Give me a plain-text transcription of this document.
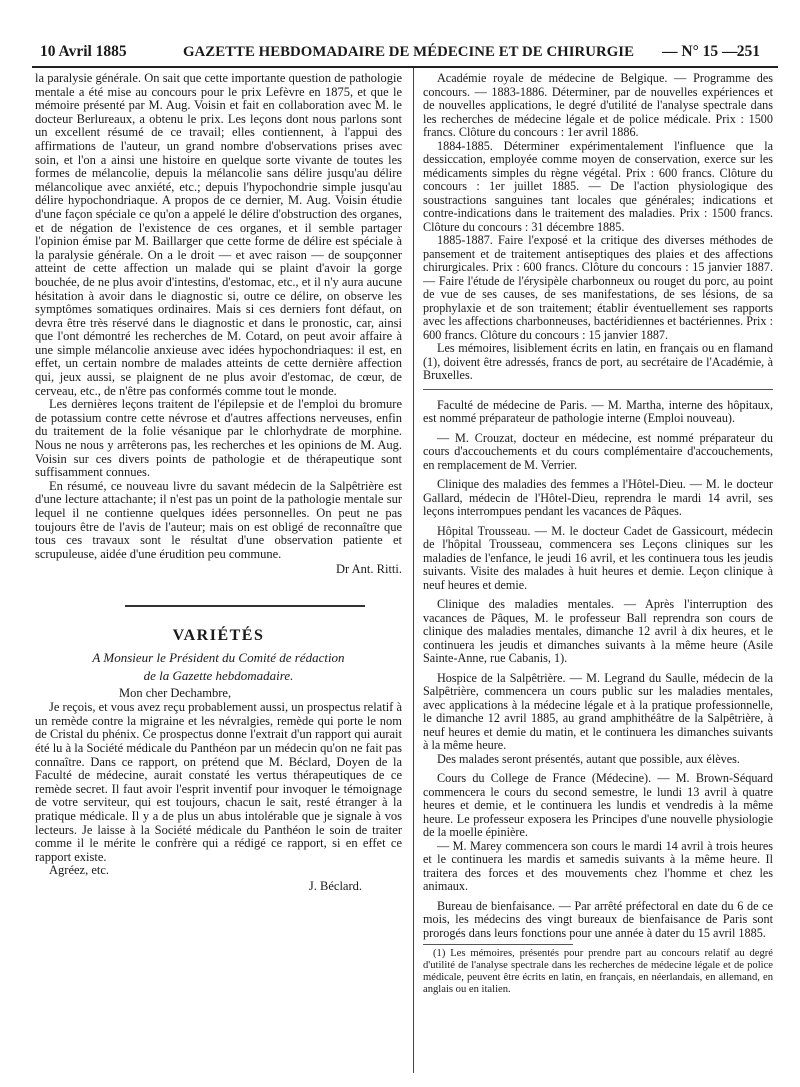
10 Avril 1885	GAZETTE HEBDOMADAIRE DE MÉDECINE ET DE CHIRURGIE — N° 15 — 251

la paralysie générale. On sait que cette importante question de pathologie mentale a été mise au concours pour le prix Lefèvre en 1875, et que le mémoire présenté par M. Aug. Voisin et fait en collaboration avec M. le docteur Berlureaux, a obtenu le prix. Les leçons dont nous parlons sont un excellent résumé de ce travail; elles contiennent, à l'appui des affirmations de l'auteur, un grand nombre d'observations prises avec soin, et l'on a ainsi une histoire en quelque sorte vivante de toutes les formes de mélancolie, depuis la mélancolie sans délire jusqu'au délire mélancolique avec anxiété, etc.; depuis l'hypochondrie simple jusqu'au délire hypochondriaque. A propos de ce dernier, M. Aug. Voisin étudie d'une façon spéciale ce qu'on a appelé le délire d'obstruction des organes, et de négation de l'existence de ces organes, et il semble partager l'opinion émise par M. Baillarger que cette forme de délire est spéciale à la paralysie générale. On a le droit — et avec raison — de soupçonner atteint de cette affection un malade qui se plaint d'avoir la gorge bouchée, de ne plus avoir d'intestins, d'estomac, etc., et il n'y aura aucune hésitation à avoir dans le diagnostic si, outre ce délire, on observe les symptômes somatiques ordinaires. Mais si ces derniers font défaut, on devra être très réservé dans le diagnostic et dans le pronostic, car, ainsi que l'ont démontré les recherches de M. Cotard, on peut avoir affaire à une simple mélancolie anxieuse avec idées hypochondriaques: il est, en effet, un certain nombre de malades atteints de cette dernière affection qui, jeux aussi, se plaignent de ne plus avoir d'estomac, de cœur, de cerveau, etc., de n'être pas conformés comme tout le monde.

Les dernières leçons traitent de l'épilepsie et de l'emploi du bromure de potassium contre cette névrose et d'autres affections nerveuses, enfin du traitement de la folie vésanique par le chlorhydrate de morphine. Nous ne nous y arrêterons pas, les recherches et les opinions de M. Aug. Voisin sur ces divers points de pathologie et de thérapeutique sont suffisamment connues.

En résumé, ce nouveau livre du savant médecin de la Salpêtrière est d'une lecture attachante; il n'est pas un point de la pathologie mentale sur lequel il ne contienne quelques idées personnelles. On peut ne pas toujours être de l'avis de l'auteur; mais on est obligé de reconnaître que tous ces travaux sont le résultat d'une observation patiente et scrupuleuse, aidée d'une érudition peu commune.

Dr Ant. Ritti.
VARIÉTÉS
A Monsieur le Président du Comité de rédaction
de la Gazette hebdomadaire.

Mon cher Dechambre,

Je reçois, et vous avez reçu probablement aussi, un prospectus relatif à un remède contre la migraine et les névralgies, remède qui porte le nom de Cristal du phénix. Ce prospectus donne l'extrait d'un rapport qui aurait été lu à la Société médicale du Panthéon par un médecin qu'on ne fait pas connaître. Dans ce rapport, on prétend que M. Béclard, Doyen de la Faculté de médecine, aurait constaté les vertus thérapeutiques de ce remède secret. Il faut avoir l'esprit inventif pour invoquer le témoignage de votre serviteur, qui est toujours, chacun le sait, resté étranger à la pratique médicale. Il y a de plus un abus intolérable que je signale à vos lecteurs. Je laisse à la Société médicale du Panthéon le soin de traiter comme il le mérite le confrère qui a rédigé ce rapport, si en effet ce rapport existe.

Agréez, etc.

J. Béclard.

Académie royale de médecine de Belgique. — Programme des concours. — 1883-1886. Déterminer, par de nouvelles expériences et de nouvelles applications, le degré d'utilité de l'analyse spectrale dans les recherches de médecine légale et de police médicale. Prix : 1500 francs. Clôture du concours : 1er avril 1886.

1884-1885. Déterminer expérimentalement l'influence que la dessiccation, employée comme moyen de conservation, exerce sur les médicaments simples du règne végétal. Prix : 600 francs. Clôture du concours : 1er juillet 1885. — De l'action physiologique des soustractions sanguines tant locales que générales; indications et contre-indications dans le traitement des maladies. Prix : 1500 francs. Clôture du concours : 31 décembre 1885.

1885-1887. Faire l'exposé et la critique des diverses méthodes de pansement et de traitement antiseptiques des plaies et des affections chirurgicales. Prix : 600 francs. Clôture du concours : 15 janvier 1887. — Faire l'étude de l'érysipèle charbonneux ou rouget du porc, au point de vue de ses causes, de ses manifestations, de ses lésions, de sa prophylaxie et de son traitement; établir éventuellement ses rapports avec les affections charbonneuses, bactéridiennes et bactériennes. Prix : 600 francs. Clôture du concours : 15 janvier 1887.

Les mémoires, lisiblement écrits en latin, en français ou en flamand (1), doivent être adressés, francs de port, au secrétaire de l'Académie, à Bruxelles.

Faculté de médecine de Paris. — M. Martha, interne des hôpitaux, est nommé préparateur de pathologie interne (Emploi nouveau).

— M. Crouzat, docteur en médecine, est nommé préparateur du cours d'accouchements et du cours complémentaire d'accouchements, en remplacement de M. Verrier.

Clinique des maladies des femmes a l'Hôtel-Dieu. — M. le docteur Gallard, médecin de l'Hôtel-Dieu, reprendra le mardi 14 avril, ses leçons interrompues pendant les vacances de Pâques.

Hôpital Trousseau. — M. le docteur Cadet de Gassicourt, médecin de l'hôpital Trousseau, commencera ses Leçons cliniques sur les maladies de l'enfance, le jeudi 16 avril, et les continuera tous les jeudis suivants. Visite des malades à huit heures et demie. Leçon clinique à neuf heures et demie.

Clinique des maladies mentales. — Après l'interruption des vacances de Pâques, M. le professeur Ball reprendra son cours de clinique des maladies mentales, dimanche 12 avril à dix heures, et le continuera les jeudis et dimanches suivants à la même heure (Asile Sainte-Anne, rue Cabanis, 1).

Hospice de la Salpêtrière. — M. Legrand du Saulle, médecin de la Salpêtrière, commencera un cours public sur les maladies mentales, avec applications à la médecine légale et à la pratique professionnelle, le dimanche 12 avril 1885, au grand amphithéâtre de la Salpêtrière, à neuf heures et demie du matin, et le continuera les dimanches suivants à la même heure.

Des malades seront présentés, autant que possible, aux élèves.

Cours du College de France (Médecine). — M. Brown-Séquard commencera le cours du second semestre, le lundi 13 avril à quatre heures et demie, et le continuera les lundis et vendredis à la même heure. Le professeur exposera les Principes d'une nouvelle physiologie de la moelle épinière.

— M. Marey commencera son cours le mardi 14 avril à trois heures et le continuera les mardis et samedis suivants à la même heure. Il traitera des forces et des mouvements chez l'homme et chez les animaux.

Bureau de bienfaisance. — Par arrêté préfectoral en date du 6 de ce mois, les médecins des vingt bureaux de bienfaisance de Paris sont prorogés dans leurs fonctions pour une année à dater du 15 avril 1885.

(1) Les mémoires, présentés pour prendre part au concours relatif au degré d'utilité de l'analyse spectrale dans les recherches de médecine légale et de police médicale, peuvent être écrits en latin, en français, en néerlandais, en allemand, en anglais ou en italien.
